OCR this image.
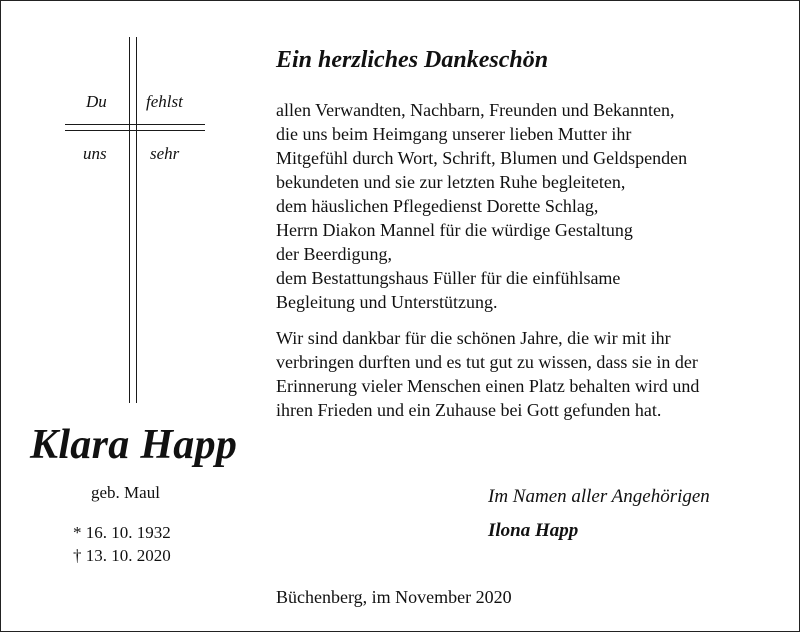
Du fehlst
uns	sehr
Klara Happ
geb. Maul
* 16. 10. 1932
† 13. 10. 2020
Ein herzliches Dankeschön
allen Verwandten, Nachbarn, Freunden und Bekannten,
die uns beim Heimgang unserer lieben Mutter ihr
Mitgefühl durch Wort, Schrift, Blumen und Geldspenden
bekundeten und sie zur letzten Ruhe begleiteten,
dem häuslichen Pflegedienst Dorette Schlag,
Herrn Diakon Mannel für die würdige Gestaltung
der Beerdigung,
dem Bestattungshaus Füller für die einfühlsame
Begleitung und Unterstützung.
Wir sind dankbar für die schönen Jahre, die wir mit ihr
verbringen durften und es tut gut zu wissen, dass sie in der
Erinnerung vieler Menschen einen Platz behalten wird und
ihren Frieden und ein Zuhause bei Gott gefunden hat.
Im Namen aller Angehörigen
Ilona Happ
Büchenberg, im November 2020
